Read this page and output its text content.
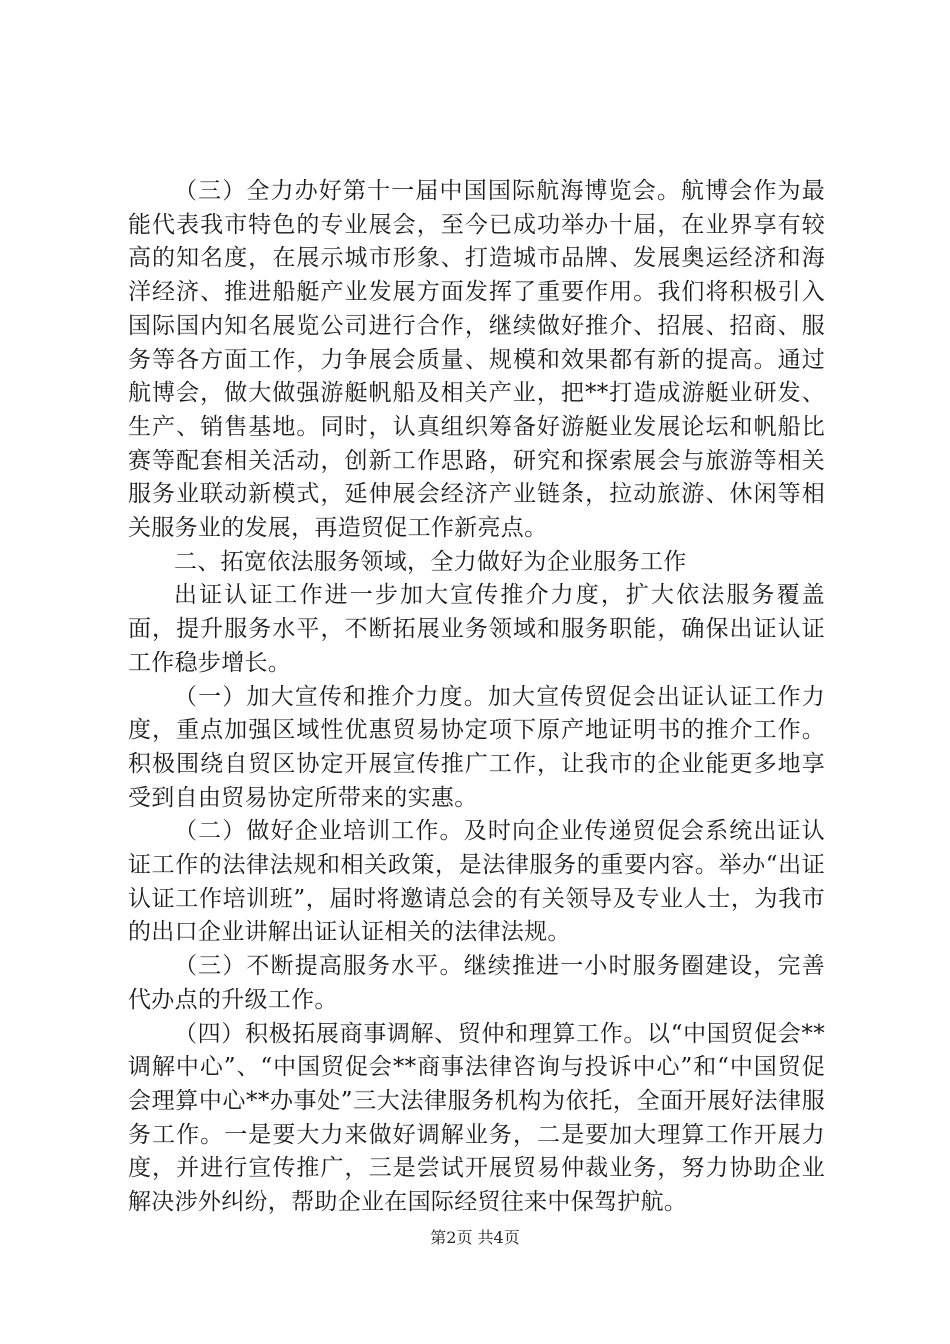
（三）全力办好第十一届中国国际航海博览会。航博会作为最能代表我市特色的专业展会，至今已成功举办十届，在业界享有较高的知名度，在展示城市形象、打造城市品牌、发展奥运经济和海洋经济、推进船艇产业发展方面发挥了重要作用。我们将积极引入国际国内知名展览公司进行合作，继续做好推介、招展、招商、服务等各方面工作，力争展会质量、规模和效果都有新的提高。通过航博会，做大做强游艇帆船及相关产业，把**打造成游艇业研发、生产、销售基地。同时，认真组织筹备好游艇业发展论坛和帆船比赛等配套相关活动，创新工作思路，研究和探索展会与旅游等相关服务业联动新模式，延伸展会经济产业链条，拉动旅游、休闲等相关服务业的发展，再造贸促工作新亮点。

二、拓宽依法服务领域，全力做好为企业服务工作

出证认证工作进一步加大宣传推介力度，扩大依法服务覆盖面，提升服务水平，不断拓展业务领域和服务职能，确保出证认证工作稳步增长。

（一）加大宣传和推介力度。加大宣传贸促会出证认证工作力度，重点加强区域性优惠贸易协定项下原产地证明书的推介工作。积极围绕自贸区协定开展宣传推广工作，让我市的企业能更多地享受到自由贸易协定所带来的实惠。

（二）做好企业培训工作。及时向企业传递贸促会系统出证认证工作的法律法规和相关政策，是法律服务的重要内容。举办“出证认证工作培训班”，届时将邀请总会的有关领导及专业人士，为我市的出口企业讲解出证认证相关的法律法规。

（三）不断提高服务水平。继续推进一小时服务圈建设，完善代办点的升级工作。

（四）积极拓展商事调解、贸仲和理算工作。以“中国贸促会**调解中心”、“中国贸促会**商事法律咨询与投诉中心”和“中国贸促会理算中心**办事处”三大法律服务机构为依托，全面开展好法律服务工作。一是要大力来做好调解业务，二是要加大理算工作开展力度，并进行宣传推广，三是尝试开展贸易仲裁业务，努力协助企业解决涉外纠纷，帮助企业在国际经贸往来中保驾护航。

第2页 共4页
